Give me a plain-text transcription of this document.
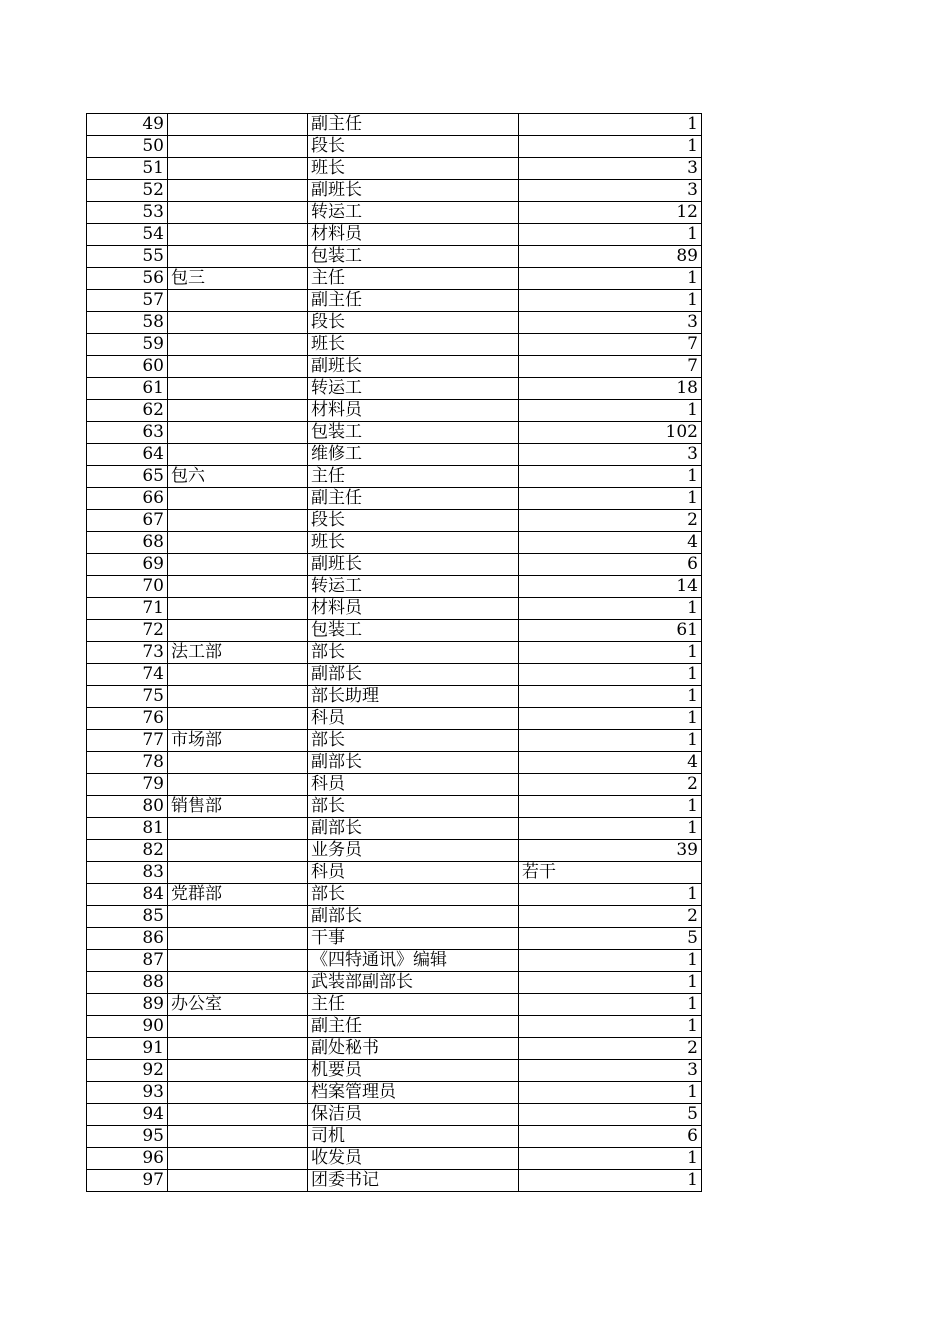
49		副主任	1
50		段长	1
51		班长	3
52		副班长	3
53		转运工	12
54		材料员	1
55		包装工	89
56	包三	主任	1
57		副主任	1
58		段长	3
59		班长	7
60		副班长	7
61		转运工	18
62		材料员	1
63		包装工	102
64		维修工	3
65	包六	主任	1
66		副主任	1
67		段长	2
68		班长	4
69		副班长	6
70		转运工	14
71		材料员	1
72		包装工	61
73	法工部	部长	1
74		副部长	1
75		部长助理	1
76		科员	1
77	市场部	部长	1
78		副部长	4
79		科员	2
80	销售部	部长	1
81		副部长	1
82		业务员	39
83		科员	若干
84	党群部	部长	1
85		副部长	2
86		干事	5
87		《四特通讯》编辑	1
88		武装部副部长	1
89	办公室	主任	1
90		副主任	1
91		副处秘书	2
92		机要员	3
93		档案管理员	1
94		保洁员	5
95		司机	6
96		收发员	1
97		团委书记	1
